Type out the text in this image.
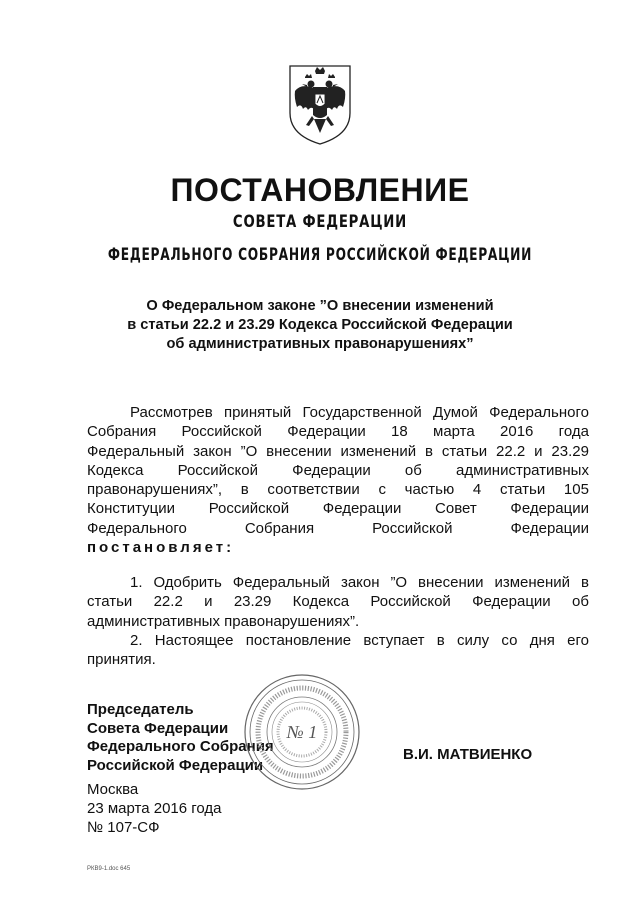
ПОСТАНОВЛЕНИЕ
СОВЕТА ФЕДЕРАЦИИ
ФЕДЕРАЛЬНОГО СОБРАНИЯ РОССИЙСКОЙ ФЕДЕРАЦИИ
О Федеральном законе ”О внесении изменений
в статьи 22.2 и 23.29 Кодекса Российской Федерации
об административных правонарушениях”
Рассмотрев принятый Государственной Думой Федерального
Собрания Российской Федерации 18 марта 2016 года
Федеральный закон ”О внесении изменений в статьи 22.2 и 23.29
Кодекса Российской Федерации об административных
правонарушениях”, в соответствии с частью 4 статьи 105
Конституции Российской Федерации Совет Федерации
Федерального	Собрания	Российской	Федерации
постановляет:
1. Одобрить Федеральный закон ”О внесении изменений в
статьи 22.2 и 23.29 Кодекса Российской Федерации об
административных правонарушениях”.
2. Настоящее постановление вступает в силу со дня его
принятия.
Председатель
Совета Федерации
Федерального Собрания
Российской Федерации
В.И. МАТВИЕНКО
№ 1
Москва
23 марта 2016 года
№ 107-СФ
РКВ9-1.doc 645
